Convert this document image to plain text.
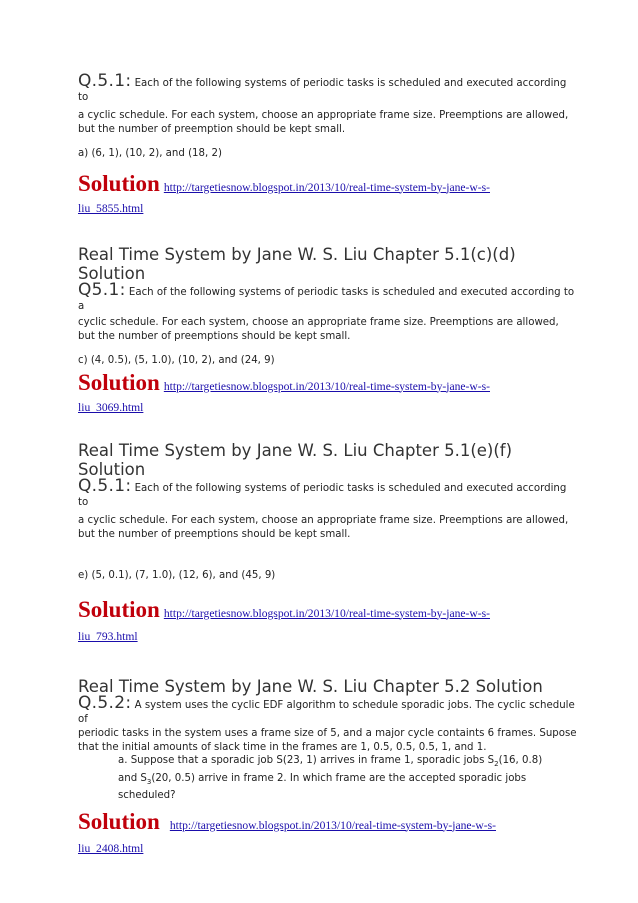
Q.5.1: Each of the following systems of periodic tasks is scheduled and executed according to

a cyclic schedule. For each system, choose an appropriate frame size. Preemptions are allowed, but the number of preemption should be kept small.

a) (6, 1), (10, 2), and (18, 2)

Solution http://targetiesnow.blogspot.in/2013/10/real-time-system-by-jane-w-s-

liu_5855.html

Real Time System by Jane W. S. Liu Chapter 5.1(c)(d)

Solution

Q5.1: Each of the following systems of periodic tasks is scheduled and executed according to a

cyclic schedule. For each system, choose an appropriate frame size. Preemptions are allowed, but the number of preemptions should be kept small.

c) (4, 0.5), (5, 1.0), (10, 2), and (24, 9)

Solution http://targetiesnow.blogspot.in/2013/10/real-time-system-by-jane-w-s-

liu_3069.html

Real Time System by Jane W. S. Liu Chapter 5.1(e)(f)

Solution

Q.5.1: Each of the following systems of periodic tasks is scheduled and executed according to

a cyclic schedule. For each system, choose an appropriate frame size. Preemptions are allowed, but the number of preemptions should be kept small.

e) (5, 0.1), (7, 1.0), (12, 6), and (45, 9)

Solution http://targetiesnow.blogspot.in/2013/10/real-time-system-by-jane-w-s-

liu_793.html

Real Time System by Jane W. S. Liu Chapter 5.2 Solution

Q.5.2: A system uses the cyclic EDF algorithm to schedule sporadic jobs. The cyclic schedule of

periodic tasks in the system uses a frame size of 5, and a major cycle containts 6 frames. Supose that the initial amounts of slack time in the frames are 1, 0.5, 0.5, 0.5, 1, and 1.

a. Suppose that a sporadic job S(23, 1) arrives in frame 1, sporadic jobs $S_2(16$, 0.8)

and $S_3(20$, 0.5) arrive in frame 2. In which frame are the accepted sporadic jobs scheduled?

Solution http://targetiesnow.blogspot.in/2013/10/real-time-system-by-jane-w-s-

liu_2408.html
